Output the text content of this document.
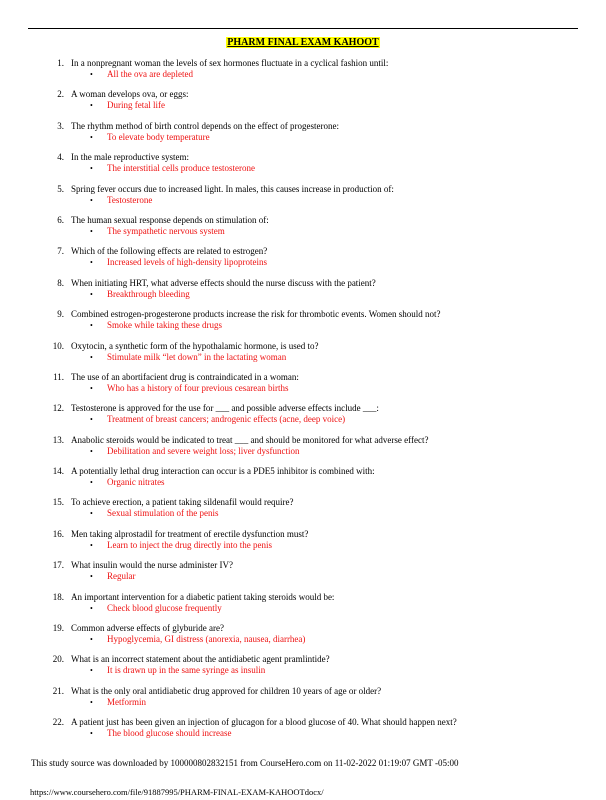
PHARM FINAL EXAM KAHOOT
1. In a nonpregnant woman the levels of sex hormones fluctuate in a cyclical fashion until:
• All the ova are depleted
2. A woman develops ova, or eggs:
• During fetal life
3. The rhythm method of birth control depends on the effect of progesterone:
• To elevate body temperature
4. In the male reproductive system:
• The interstitial cells produce testosterone
5. Spring fever occurs due to increased light. In males, this causes increase in production of:
• Testosterone
6. The human sexual response depends on stimulation of:
• The sympathetic nervous system
7. Which of the following effects are related to estrogen?
• Increased levels of high-density lipoproteins
8. When initiating HRT, what adverse effects should the nurse discuss with the patient?
• Breakthrough bleeding
9. Combined estrogen-progesterone products increase the risk for thrombotic events. Women should not?
• Smoke while taking these drugs
10. Oxytocin, a synthetic form of the hypothalamic hormone, is used to?
• Stimulate milk “let down” in the lactating woman
11. The use of an abortifacient drug is contraindicated in a woman:
• Who has a history of four previous cesarean births
12. Testosterone is approved for the use for ___ and possible adverse effects include ___:
• Treatment of breast cancers; androgenic effects (acne, deep voice)
13. Anabolic steroids would be indicated to treat ___ and should be monitored for what adverse effect?
• Debilitation and severe weight loss; liver dysfunction
14. A potentially lethal drug interaction can occur is a PDE5 inhibitor is combined with:
• Organic nitrates
15. To achieve erection, a patient taking sildenafil would require?
• Sexual stimulation of the penis
16. Men taking alprostadil for treatment of erectile dysfunction must?
• Learn to inject the drug directly into the penis
17. What insulin would the nurse administer IV?
• Regular
18. An important intervention for a diabetic patient taking steroids would be:
• Check blood glucose frequently
19. Common adverse effects of glyburide are?
• Hypoglycemia, GI distress (anorexia, nausea, diarrhea)
20. What is an incorrect statement about the antidiabetic agent pramlintide?
• It is drawn up in the same syringe as insulin
21. What is the only oral antidiabetic drug approved for children 10 years of age or older?
• Metformin
22. A patient just has been given an injection of glucagon for a blood glucose of 40. What should happen next?
• The blood glucose should increase
This study source was downloaded by 100000802832151 from CourseHero.com on 11-02-2022 01:19:07 GMT -05:00
https://www.coursehero.com/file/91887995/PHARM-FINAL-EXAM-KAHOOTdocx/
